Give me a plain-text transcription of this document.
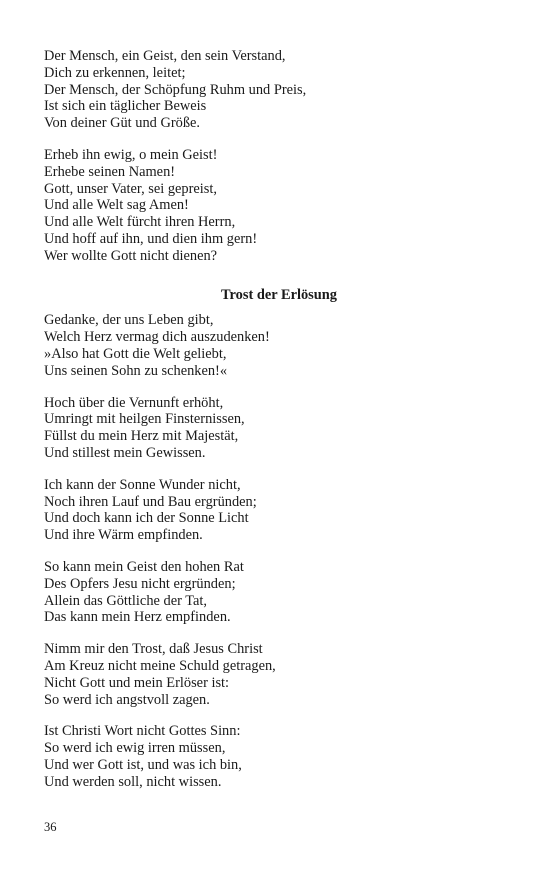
Der Mensch, ein Geist, den sein Verstand,
Dich zu erkennen, leitet;
Der Mensch, der Schöpfung Ruhm und Preis,
Ist sich ein täglicher Beweis
Von deiner Güt und Größe.
Erheb ihn ewig, o mein Geist!
Erhebe seinen Namen!
Gott, unser Vater, sei gepreist,
Und alle Welt sag Amen!
Und alle Welt fürcht ihren Herrn,
Und hoff auf ihn, und dien ihm gern!
Wer wollte Gott nicht dienen?
Trost der Erlösung
Gedanke, der uns Leben gibt,
Welch Herz vermag dich auszudenken!
»Also hat Gott die Welt geliebt,
Uns seinen Sohn zu schenken!«
Hoch über die Vernunft erhöht,
Umringt mit heilgen Finsternissen,
Füllst du mein Herz mit Majestät,
Und stillest mein Gewissen.
Ich kann der Sonne Wunder nicht,
Noch ihren Lauf und Bau ergründen;
Und doch kann ich der Sonne Licht
Und ihre Wärm empfinden.
So kann mein Geist den hohen Rat
Des Opfers Jesu nicht ergründen;
Allein das Göttliche der Tat,
Das kann mein Herz empfinden.
Nimm mir den Trost, daß Jesus Christ
Am Kreuz nicht meine Schuld getragen,
Nicht Gott und mein Erlöser ist:
So werd ich angstvoll zagen.
Ist Christi Wort nicht Gottes Sinn:
So werd ich ewig irren müssen,
Und wer Gott ist, und was ich bin,
Und werden soll, nicht wissen.
36
